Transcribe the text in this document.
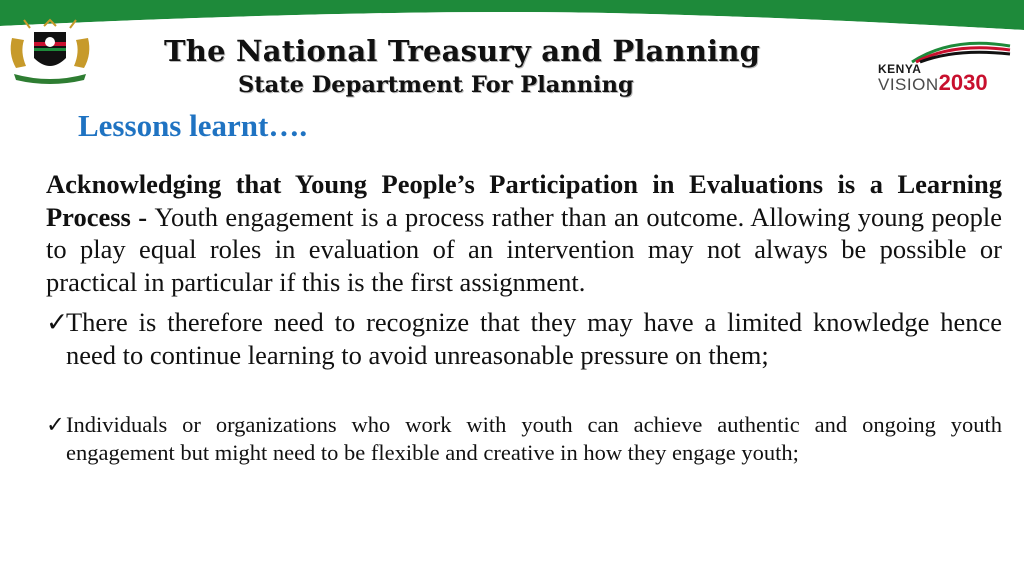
The National Treasury and Planning
State Department For Planning
KENYA
VISION2030
Lessons learnt….
Acknowledging that Young People’s Participation in Evaluations is a Learning Process - Youth engagement is a process rather than an outcome. Allowing young people to play equal roles in evaluation of an intervention may not always be possible or practical in particular if this is the first assignment.
✓
There is therefore need to recognize that they may have a limited knowledge hence need to continue learning to avoid unreasonable pressure on them;
✓ Individuals or organizations who work with youth can achieve authentic and ongoing youth engagement but might need to be flexible and creative in how they engage youth;
